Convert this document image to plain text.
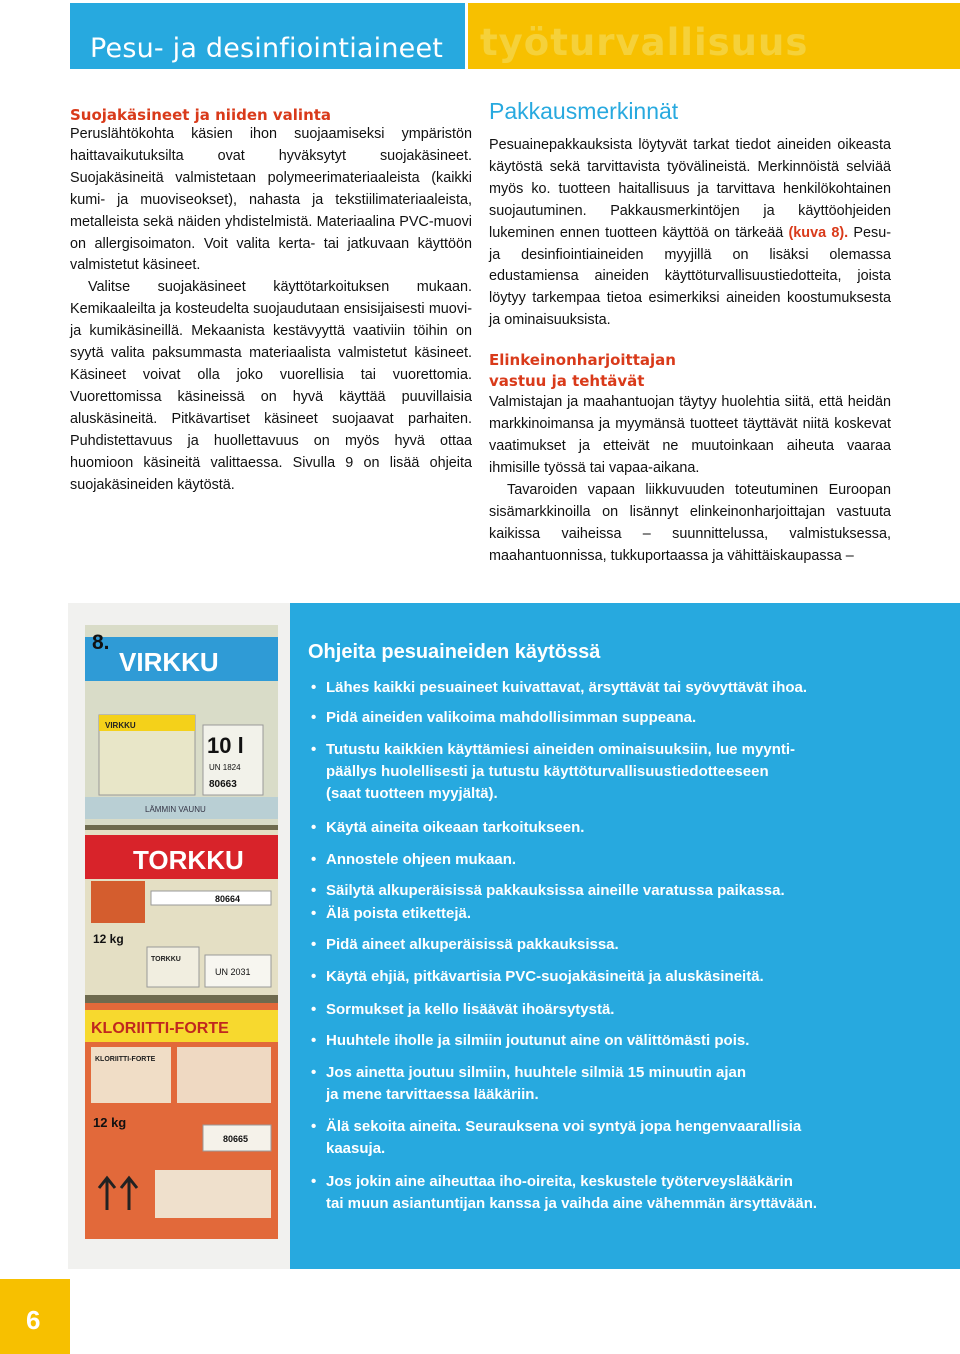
Pesu- ja desinfiointiaineet työturvallisuus
Suojakäsineet ja niiden valinta

Peruslähtökohta käsien ihon suojaamiseksi ympäristön haittavaikutuksilta ovat hyväksytyt suojakäsineet. Suojakäsineitä valmistetaan polymeerimateriaaleista (kaikki kumi- ja muoviseokset), nahasta ja tekstiilimateriaaleista, metalleista sekä näiden yhdistelmistä. Materiaalina PVC-muovi on allergisoimaton. Voit valita kerta- tai jatkuvaan käyttöön valmistetut käsineet.

Valitse suojakäsineet käyttötarkoituksen mukaan. Kemikaaleilta ja kosteudelta suojaudutaan ensisijaisesti muovi- ja kumikäsineillä. Mekaanista kestävyyttä vaativiin töihin on syytä valita paksummasta materiaalista valmistetut käsineet. Käsineet voivat olla joko vuorellisia tai vuorettomia. Vuorettomissa käsineissä on hyvä käyttää puuvillaisia aluskäsineitä. Pitkävartiset käsineet suojaavat parhaiten. Puhdistettavuus ja huollettavuus on myös hyvä ottaa huomioon käsineitä valittaessa. Sivulla 9 on lisää ohjeita suojakäsineiden käytöstä.

Pakkausmerkinnät

Pesuainepakkauksista löytyvät tarkat tiedot aineiden oikeasta käytöstä sekä tarvittavista työvälineistä. Merkinnöistä selviää myös ko. tuotteen haitallisuus ja tarvittava henkilökohtainen suojautuminen. Pakkausmerkintöjen ja käyttöohjeiden lukeminen ennen tuotteen käyttöä on tärkeää (kuva 8). Pesu- ja desinfiointiaineiden myyjillä on lisäksi olemassa edustamiensa aineiden käyttöturvallisuustiedotteita, joista löytyy tarkempaa tietoa esimerkiksi aineiden koostumuksesta ja ominaisuuksista.

Elinkeinonharjoittajan
vastuu ja tehtävät

Valmistajan ja maahantuojan täytyy huolehtia siitä, että heidän markkinoimansa ja myymänsä tuotteet täyttävät niitä koskevat vaatimukset ja etteivät ne muutoinkaan aiheuta vaaraa ihmisille työssä tai vapaa-aikana.

Tavaroiden vapaan liikkuvuuden toteutuminen Euroopan sisämarkkinoilla on lisännyt elinkeinonharjoittajan vastuuta kaikissa vaiheissa – suunnittelussa, valmistuksessa, maahantuonnissa, tukkuportaassa ja vähittäiskaupassa –

8.
VIRKKU
VIRKKU
10 l
UN 1824
80663
LÄMMIN VAUNU
TORKKU
80664
12 kg
TORKKU
UN 2031
KLORIITTI-FORTE
KLORIITTI-FORTE
12 kg
80665
Ohjeita pesuaineiden käytössä
• Lähes kaikki pesuaineet kuivattavat, ärsyttävät tai syövyttävät ihoa.
• Pidä aineiden valikoima mahdollisimman suppeana.
• Tutustu kaikkien käyttämiesi aineiden ominaisuuksiin, lue myynti-
päällys huolellisesti ja tutustu käyttöturvallisuustiedotteeseen
(saat tuotteen myyjältä).
• Käytä aineita oikeaan tarkoitukseen.
• Annostele ohjeen mukaan.
• Säilytä alkuperäisissä pakkauksissa aineille varatussa paikassa.
• Älä poista etikettejä.
• Pidä aineet alkuperäisissä pakkauksissa.
• Käytä ehjiä, pitkävartisia PVC-suojakäsineitä ja aluskäsineitä.
• Sormukset ja kello lisäävät ihoärsytystä.
• Huuhtele iholle ja silmiin joutunut aine on välittömästi pois.
• Jos ainetta joutuu silmiin, huuhtele silmiä 15 minuutin ajan
ja mene tarvittaessa lääkäriin.
• Älä sekoita aineita. Seurauksena voi syntyä jopa hengenvaarallisia
kaasuja.
• Jos jokin aine aiheuttaa iho-oireita, keskustele työterveyslääkärin
tai muun asiantuntijan kanssa ja vaihda aine vähemmän ärsyttävään.
6
